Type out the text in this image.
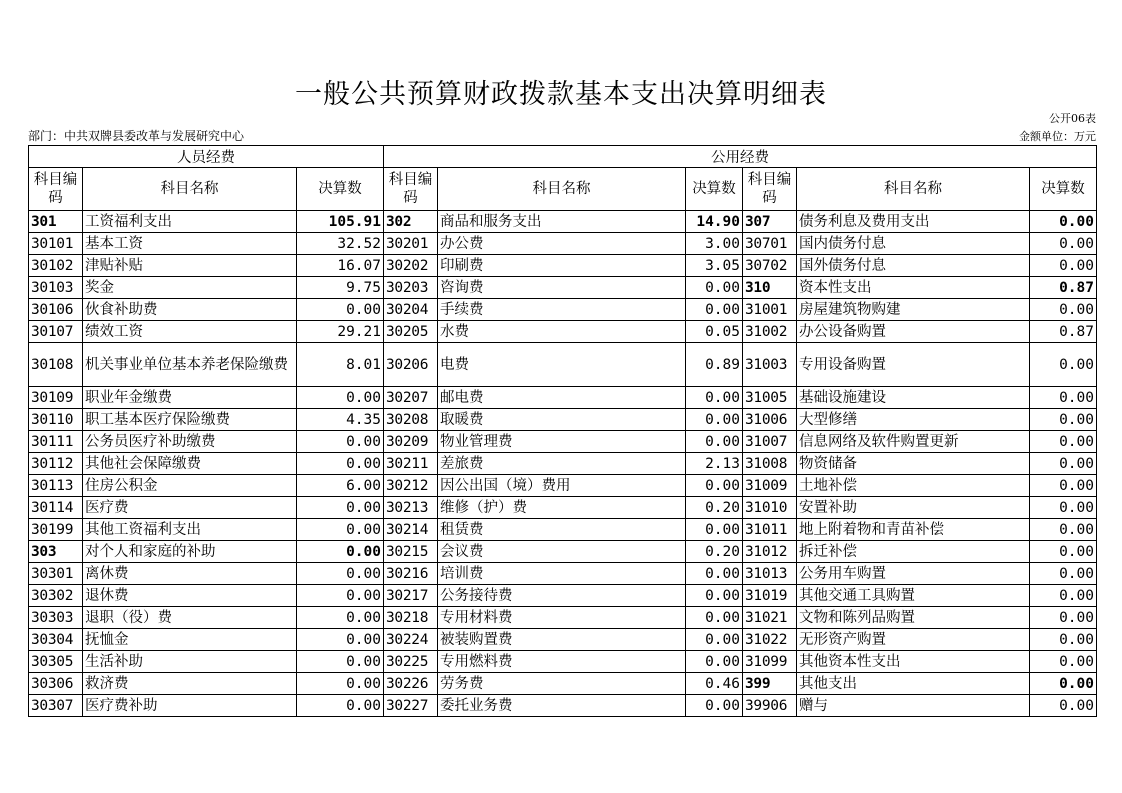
一般公共预算财政拨款基本支出决算明细表
公开06表
部门：中共双牌县委改革与发展研究中心	金额单位：万元
人员经费			公用经费					
科目编码	科目名称	决算数	科目编码	科目名称	决算数	科目编码	科目名称	决算数
301	工资福利支出	105.91	302	商品和服务支出	14.90	307	债务利息及费用支出	0.00
30101	基本工资	32.52	30201	办公费	3.00	30701	国内债务付息	0.00
30102	津贴补贴	16.07	30202	印刷费	3.05	30702	国外债务付息	0.00
30103	奖金	9.75	30203	咨询费	0.00	310	资本性支出	0.87
30106	伙食补助费	0.00	30204	手续费	0.00	31001	房屋建筑物购建	0.00
30107	绩效工资	29.21	30205	水费	0.05	31002	办公设备购置	0.87
30108	机关事业单位基本养老保险缴费	8.01	30206	电费	0.89	31003	专用设备购置	0.00
30109	职业年金缴费	0.00	30207	邮电费	0.00	31005	基础设施建设	0.00
30110	职工基本医疗保险缴费	4.35	30208	取暖费	0.00	31006	大型修缮	0.00
30111	公务员医疗补助缴费	0.00	30209	物业管理费	0.00	31007	信息网络及软件购置更新	0.00
30112	其他社会保障缴费	0.00	30211	差旅费	2.13	31008	物资储备	0.00
30113	住房公积金	6.00	30212	因公出国（境）费用	0.00	31009	土地补偿	0.00
30114	医疗费	0.00	30213	维修（护）费	0.20	31010	安置补助	0.00
30199	其他工资福利支出	0.00	30214	租赁费	0.00	31011	地上附着物和青苗补偿	0.00
303	对个人和家庭的补助	0.00	30215	会议费	0.20	31012	拆迁补偿	0.00
30301	离休费	0.00	30216	培训费	0.00	31013	公务用车购置	0.00
30302	退休费	0.00	30217	公务接待费	0.00	31019	其他交通工具购置	0.00
30303	退职（役）费	0.00	30218	专用材料费	0.00	31021	文物和陈列品购置	0.00
30304	抚恤金	0.00	30224	被装购置费	0.00	31022	无形资产购置	0.00
30305	生活补助	0.00	30225	专用燃料费	0.00	31099	其他资本性支出	0.00
30306	救济费	0.00	30226	劳务费	0.46	399	其他支出	0.00
30307	医疗费补助	0.00	30227	委托业务费	0.00	39906	赠与	0.00
